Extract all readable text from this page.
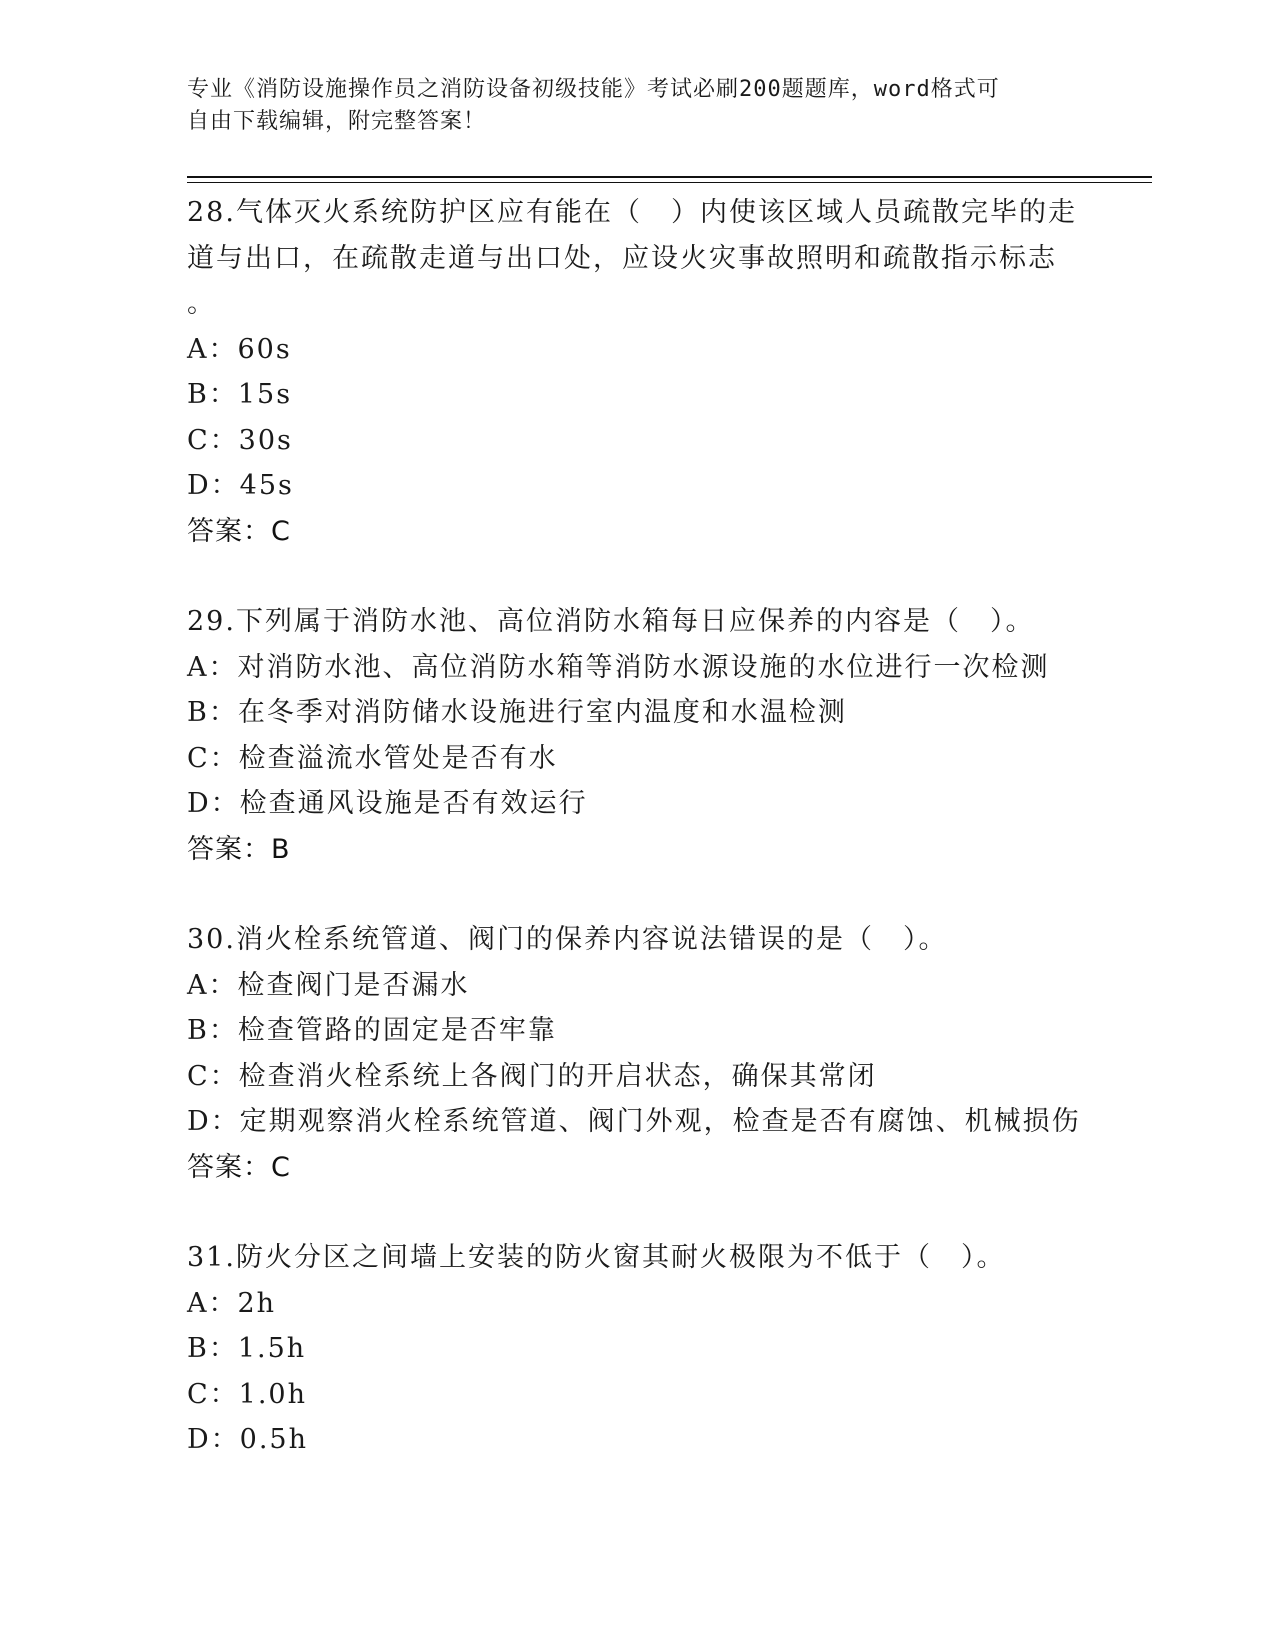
专业《消防设施操作员之消防设备初级技能》考试必刷200题题库，word格式可
自由下载编辑，附完整答案！
28.气体灭火系统防护区应有能在（　）内使该区域人员疏散完毕的走
道与出口，在疏散走道与出口处，应设火灾事故照明和疏散指示标志
。
A：60s
B：15s
C：30s
D：45s
答案：C
29.下列属于消防水池、高位消防水箱每日应保养的内容是（　）。
A：对消防水池、高位消防水箱等消防水源设施的水位进行一次检测
B：在冬季对消防储水设施进行室内温度和水温检测
C：检查溢流水管处是否有水
D：检查通风设施是否有效运行
答案：B
30.消火栓系统管道、阀门的保养内容说法错误的是（　）。
A：检查阀门是否漏水
B：检查管路的固定是否牢靠
C：检查消火栓系统上各阀门的开启状态，确保其常闭
D：定期观察消火栓系统管道、阀门外观，检查是否有腐蚀、机械损伤
答案：C
31.防火分区之间墙上安装的防火窗其耐火极限为不低于（　）。
A：2h
B：1.5h
C：1.0h
D：0.5h
